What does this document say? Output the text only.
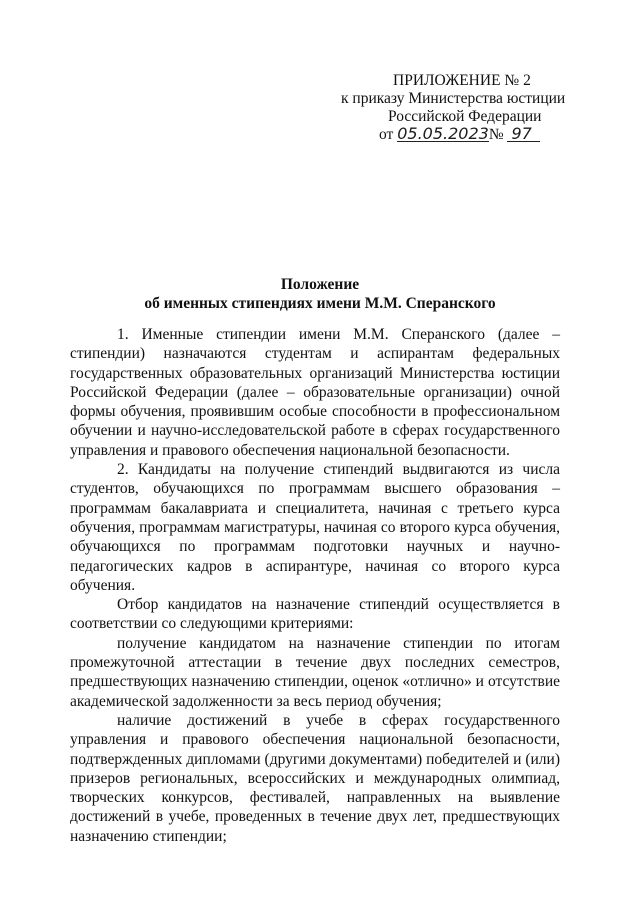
ПРИЛОЖЕНИЕ № 2
к приказу Министерства юстиции
Российской Федерации
от 05.05.2023№ 97
Положение
об именных стипендиях имени М.М. Сперанского

1. Именные стипендии имени М.М. Сперанского (далее – стипендии) назначаются студентам и аспирантам федеральных государственных образовательных организаций Министерства юстиции Российской Федерации (далее – образовательные организации) очной формы обучения, проявившим особые способности в профессиональном обучении и научно-исследовательской работе в сферах государственного управления и правового обеспечения национальной безопасности.

2. Кандидаты на получение стипендий выдвигаются из числа студентов, обучающихся по программам высшего образования – программам бакалавриата и специалитета, начиная с третьего курса обучения, программам магистратуры, начиная со второго курса обучения, обучающихся по программам подготовки научных и научно-педагогических кадров в аспирантуре, начиная со второго курса обучения.

Отбор кандидатов на назначение стипендий осуществляется в соответствии со следующими критериями:

получение кандидатом на назначение стипендии по итогам промежуточной аттестации в течение двух последних семестров, предшествующих назначению стипендии, оценок «отлично» и отсутствие академической задолженности за весь период обучения;

наличие достижений в учебе в сферах государственного управления и правового обеспечения национальной безопасности, подтвержденных дипломами (другими документами) победителей и (или) призеров региональных, всероссийских и международных олимпиад, творческих конкурсов, фестивалей, направленных на выявление достижений в учебе, проведенных в течение двух лет, предшествующих назначению стипендии;
